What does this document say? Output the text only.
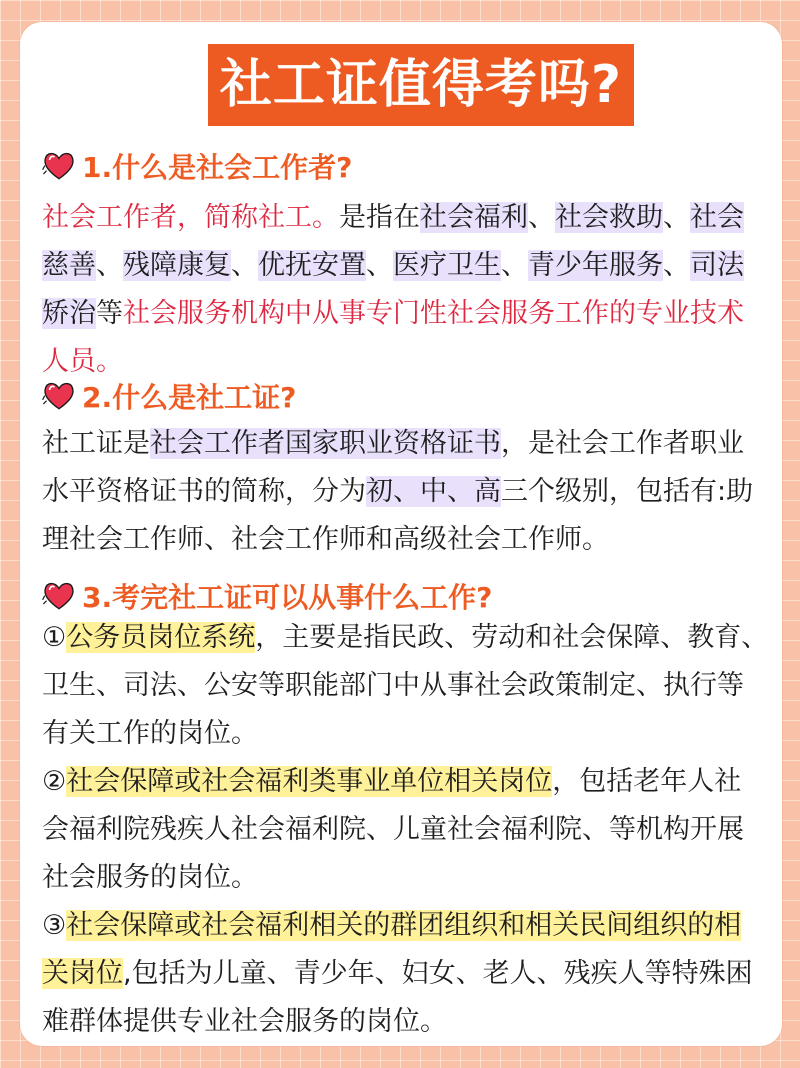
社工证值得考吗?
1.什么是社会工作者?
社会工作者，简称社工。是指在社会福利、社会救助、社会
慈善、残障康复、优抚安置、医疗卫生、青少年服务、司法
矫治等社会服务机构中从事专门性社会服务工作的专业技术
人员。
2.什么是社工证?
社工证是社会工作者国家职业资格证书，是社会工作者职业
水平资格证书的简称，分为初、中、高三个级别，包括有:助
理社会工作师、社会工作师和高级社会工作师。
3.考完社工证可以从事什么工作?
①公务员岗位系统，主要是指民政、劳动和社会保障、教育、
卫生、司法、公安等职能部门中从事社会政策制定、执行等
有关工作的岗位。
②社会保障或社会福利类事业单位相关岗位，包括老年人社
会福利院残疾人社会福利院、儿童社会福利院、等机构开展
社会服务的岗位。
③社会保障或社会福利相关的群团组织和相关民间组织的相
关岗位,包括为儿童、青少年、妇女、老人、残疾人等特殊困
难群体提供专业社会服务的岗位。
